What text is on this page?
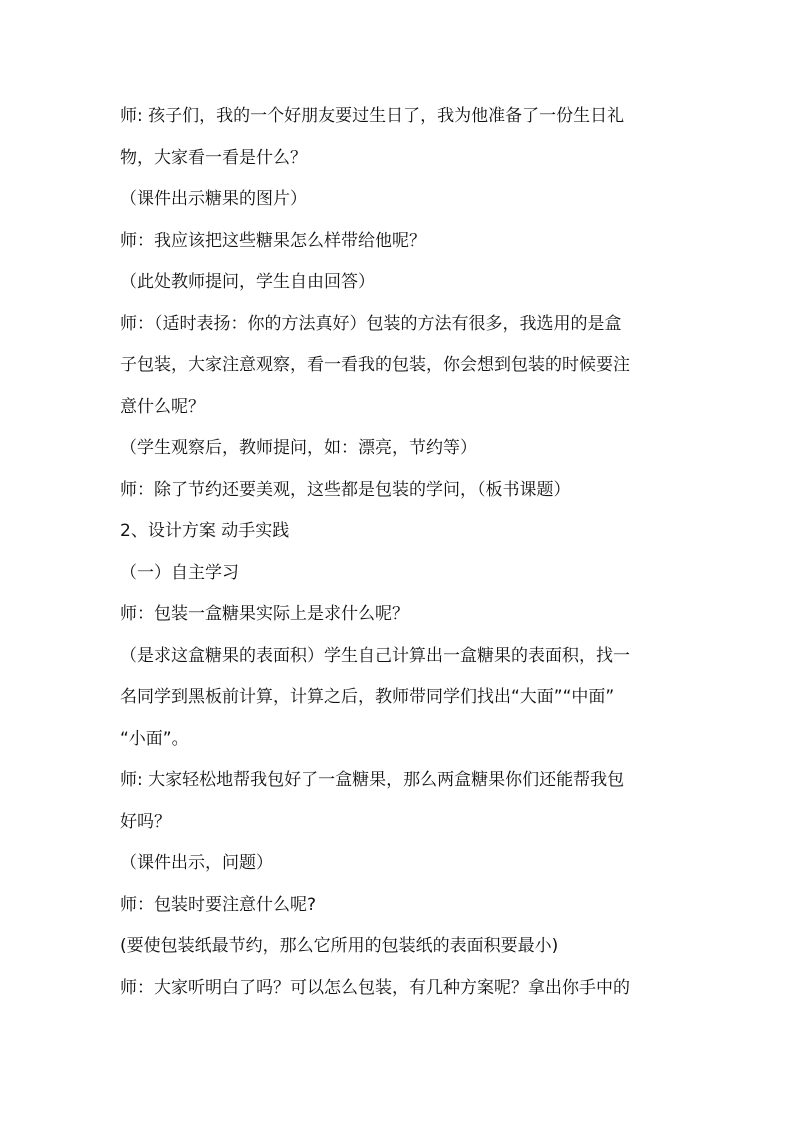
师: 孩子们，我的一个好朋友要过生日了，我为他准备了一份生日礼
物，大家看一看是什么？
（课件出示糖果的图片）
师：我应该把这些糖果怎么样带给他呢？
（此处教师提问，学生自由回答）
师：（适时表扬：你的方法真好）包装的方法有很多，我选用的是盒
子包装，大家注意观察，看一看我的包装，你会想到包装的时候要注
意什么呢？
（学生观察后，教师提问，如：漂亮，节约等）
师：除了节约还要美观，这些都是包装的学问，（板书课题）
2、设计方案 动手实践
（一）自主学习
师：包装一盒糖果实际上是求什么呢？
（是求这盒糖果的表面积）学生自己计算出一盒糖果的表面积，找一
名同学到黑板前计算，计算之后，教师带同学们找出“大面”“中面”
“小面”。
师: 大家轻松地帮我包好了一盒糖果，那么两盒糖果你们还能帮我包
好吗？
（课件出示，问题）
师：包装时要注意什么呢?
(要使包装纸最节约，那么它所用的包装纸的表面积要最小)
师：大家听明白了吗？可以怎么包装，有几种方案呢？拿出你手中的
